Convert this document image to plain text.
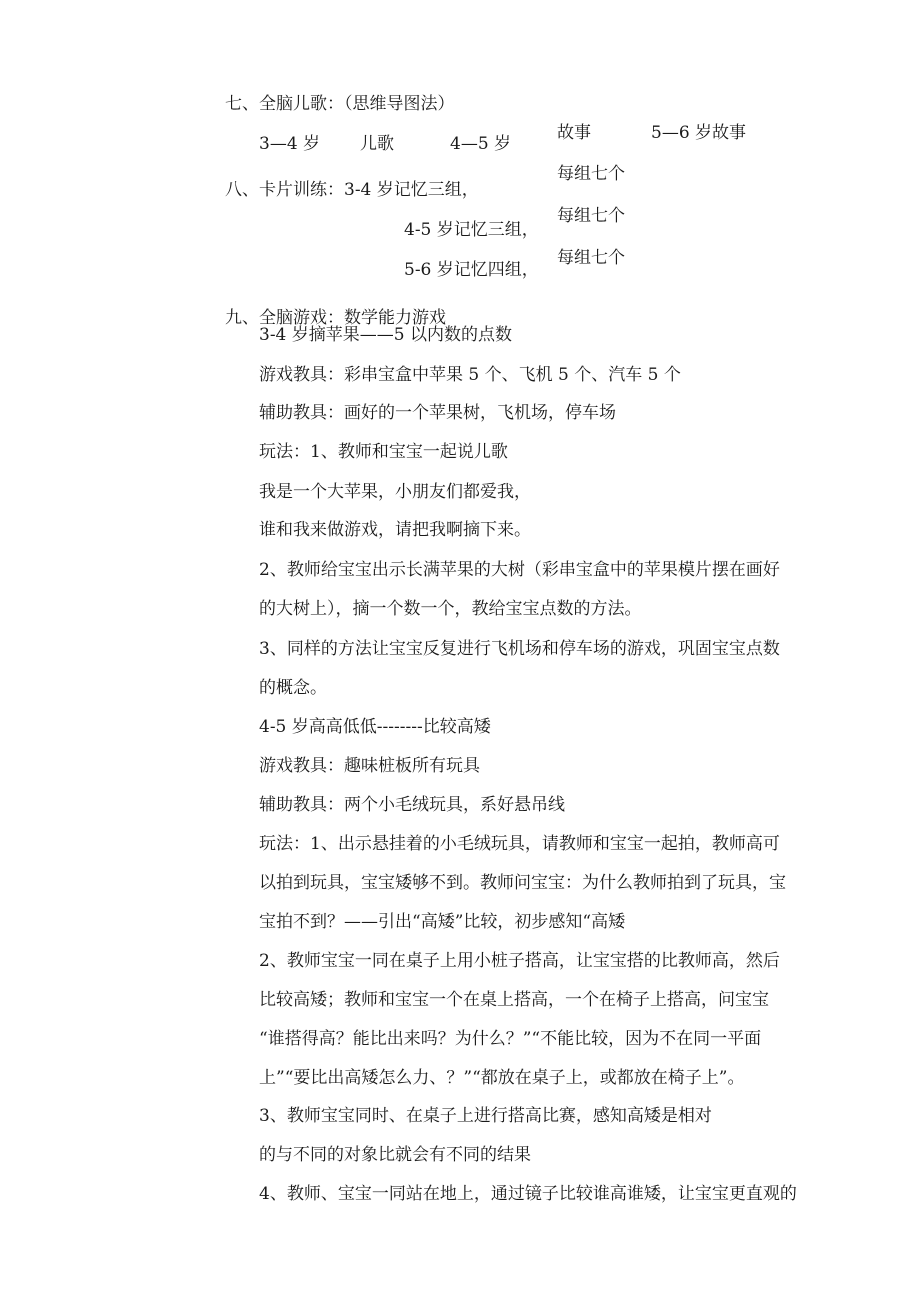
七、全脑儿歌：（思维导图法）
3—4 岁 儿歌	4—5 岁
故事	5—6 岁故事
八、卡片训练：3-4 岁记忆三组，
每组七个
4-5 岁记忆三组，
每组七个
5-6 岁记忆四组，
每组七个
九、全脑游戏：数学能力游戏
3-4 岁摘苹果——5 以内数的点数
游戏教具：彩串宝盒中苹果 5 个、飞机 5 个、汽车 5 个
辅助教具：画好的一个苹果树，飞机场，停车场
玩法：1、教师和宝宝一起说儿歌
我是一个大苹果，小朋友们都爱我，
谁和我来做游戏，请把我啊摘下来。
2、教师给宝宝出示长满苹果的大树（彩串宝盒中的苹果模片摆在画好
的大树上），摘一个数一个，教给宝宝点数的方法。
3、同样的方法让宝宝反复进行飞机场和停车场的游戏，巩固宝宝点数
的概念。
4-5 岁高高低低--------比较高矮
游戏教具：趣味桩板所有玩具
辅助教具：两个小毛绒玩具，系好悬吊线
玩法：1、出示悬挂着的小毛绒玩具，请教师和宝宝一起拍，教师高可
以拍到玩具，宝宝矮够不到。教师问宝宝：为什么教师拍到了玩具，宝
宝拍不到？——引出“高矮”比较，初步感知“高矮
2、教师宝宝一同在桌子上用小桩子搭高，让宝宝搭的比教师高，然后
比较高矮；教师和宝宝一个在桌上搭高，一个在椅子上搭高，问宝宝
“谁搭得高？能比出来吗？为什么？”“不能比较，因为不在同一平面
上”“要比出高矮怎么力、？”“都放在桌子上，或都放在椅子上”。
3、教师宝宝同时、在桌子上进行搭高比赛，感知高矮是相对
的与不同的对象比就会有不同的结果
4、教师、宝宝一同站在地上，通过镜子比较谁高谁矮，让宝宝更直观的
